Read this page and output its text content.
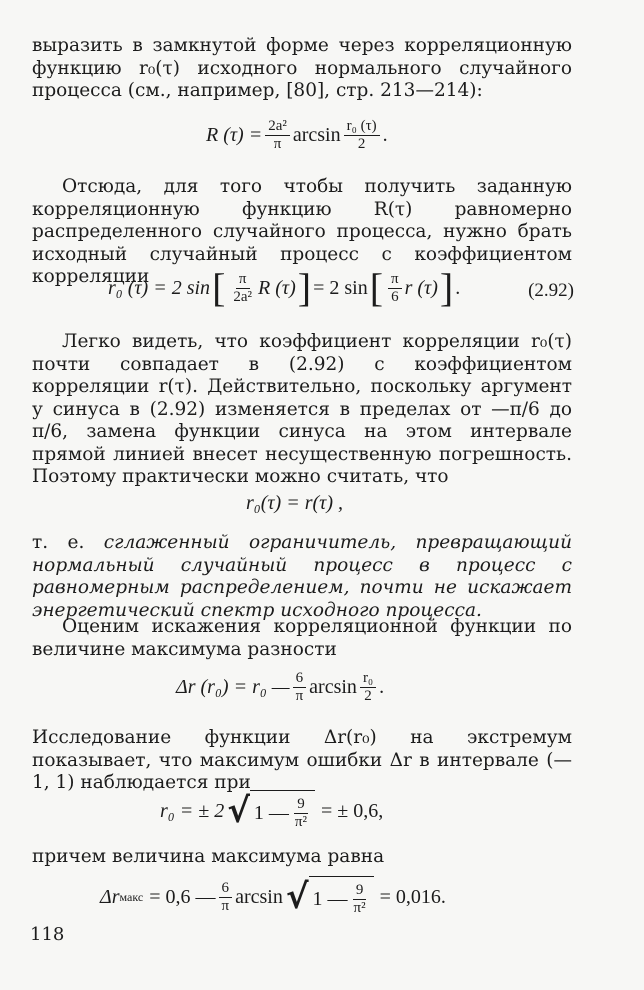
выразить в замкнутой форме через корреляционную функцию r₀(τ) исходного нормального случайного процесса (см., например, [80], стр. 213—214):
R $(\tau) = \frac{\text{2a²}}{\pi}$ $\arcsin \frac{\text{r₀ (τ)}}{2}$ .
Отсюда, для того чтобы получить заданную корреляционную функцию R(τ) равномерно распределенного случайного процесса, нужно брать исходный случайный процесс с коэффициентом корреляции
r₀ (τ) = 2 sin [ $\frac{\pi}{\text{2a²}}$ R (τ) ] = 2 sin [ $\frac{\pi}{6}$ r (τ) ] .	(2.92)
Легко видеть, что коэффициент корреляции r₀(τ) почти совпадает в (2.92) с коэффициентом корреляции r(τ). Действительно, поскольку аргумент у синуса в (2.92) изменяется в пределах от —π/6 до π/6, замена функции синуса на этом интервале прямой линией внесет несущественную погрешность. Поэтому практически можно считать, что
r₀(τ) = r(τ) ,
т. е. сглаженный ограничитель, превращающий нормальный случайный процесс в процесс с равномерным распределением, почти не искажает энергетический спектр исходного процесса.
Оценим искажения корреляционной функции по величине максимума разности
Δr (r₀) = r₀ — $\frac{6}{\pi}$ $\arcsin \frac{\text{r₀}}{2}$ .
Исследование функции Δr(r₀) на экстремум показывает, что максимум ошибки Δr в интервале (—1, 1) наблюдается при
r₀ = ± 2 √ 1 — $\frac{9}{\text{π²}}$ = ± 0,6,
причем величина максимума равна
Δr макс = 0,6 — $\frac{6}{\pi}$ arcsin √ 1 — $\frac{9}{\text{π²}} = 0,016$.
118
